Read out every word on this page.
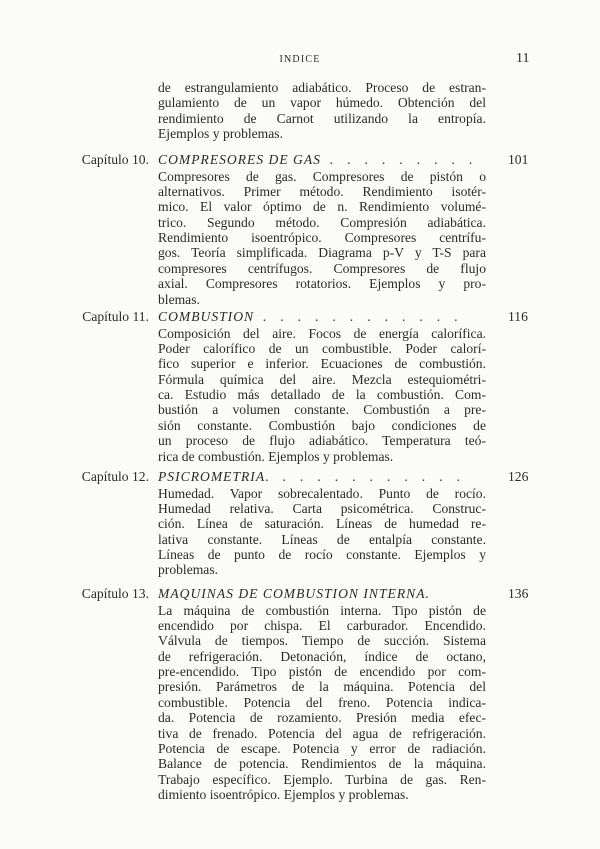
INDICE	11
de estrangulamiento adiabático. Proceso de estran-
gulamiento de un vapor húmedo. Obtención del
rendimiento de Carnot utilizando la entropía.
Ejemplos y problemas.
Capítulo 10. COMPRESORES DE GAS . . . . . . . . .	101
Compresores de gas. Compresores de pistón o
alternativos. Primer método. Rendimiento isotér-
mico. El valor óptimo de n. Rendimiento volumé-
trico. Segundo método. Compresión adiabática.
Rendimiento isoentrópico. Compresores centrífu-
gos. Teoría simplificada. Diagrama p-V y T-S para
compresores centrífugos. Compresores de flujo
axial. Compresores rotatorios. Ejemplos y pro-
blemas.
Capítulo 11. COMBUSTION . . . . . . . . . . . .	116
Composición del aire. Focos de energía calorífica.
Poder calorífico de un combustible. Poder calorí-
fico superior e inferior. Ecuaciones de combustión.
Fórmula química del aire. Mezcla estequiométri-
ca. Estudio más detallado de la combustión. Com-
bustión a volumen constante. Combustión a pre-
sión constante. Combustión bajo condiciones de
un proceso de flujo adiabático. Temperatura teó-
rica de combustión. Ejemplos y problemas.
Capítulo 12. PSICROMETRIA. . . . . . . . . . . .	126
Humedad. Vapor sobrecalentado. Punto de rocío.
Humedad relativa. Carta psicométrica. Construc-
ción. Línea de saturación. Líneas de humedad re-
lativa constante. Líneas de entalpía constante.
Líneas de punto de rocío constante. Ejemplos y
problemas.
Capítulo 13. MAQUINAS DE COMBUSTION INTERNA.	136
La máquina de combustión interna. Tipo pistón de
encendido por chispa. El carburador. Encendido.
Válvula de tiempos. Tiempo de succión. Sistema
de refrigeración. Detonación, índice de octano,
pre-encendido. Tipo pistón de encendido por com-
presión. Parámetros de la máquina. Potencia del
combustible. Potencia del freno. Potencia indica-
da. Potencia de rozamiento. Presión media efec-
tiva de frenado. Potencia del agua de refrigeración.
Potencia de escape. Potencia y error de radiación.
Balance de potencia. Rendimientos de la máquina.
Trabajo específico. Ejemplo. Turbina de gas. Ren-
dimiento isoentrópico. Ejemplos y problemas.
